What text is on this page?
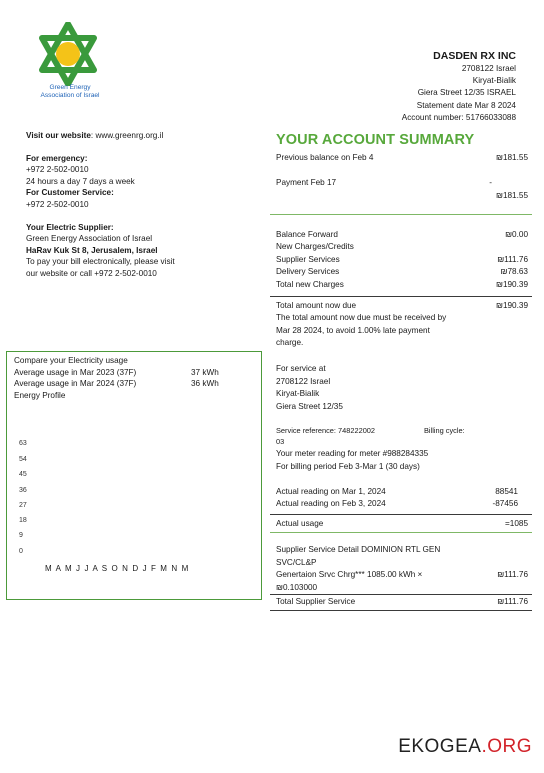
Green Energy
Association of Israel
DASDEN RX INC
2708122 Israel
Kiryat-Bialik
Giera Street 12/35 ISRAEL
Statement date Mar 8 2024
Account number: 51766033088
Visit our website: www.greenrg.org.il
For emergency:
+972 2-502-0010
24 hours a day 7 days a week
For Customer Service:
+972 2-502-0010
Your Electric Supplier:
Green Energy Association of Israel
HaRav Kuk St 8, Jerusalem, Israel
To pay your bill electronically, please visit
our website or call +972 2-502-0010
YOUR ACCOUNT SUMMARY
Previous balance on Feb 4	₪181.55
Payment Feb 17	-
₪181.55
Balance Forward	₪0.00
New Charges/Credits
Supplier Services	₪111.76
Delivery Services	₪78.63
Total new Charges	₪190.39
Total amount now due	₪190.39
The total amount now due must be received by
Mar 28 2024, to avoid 1.00% late payment
charge.
For service at
2708122 Israel
Kiryat-Bialik
Giera Street 12/35
Service reference: 748222002	Billing cycle:
03
Your meter reading for meter #988284335
For billing period Feb 3-Mar 1 (30 days)
Actual reading on Mar 1, 2024	88541
Actual reading on Feb 3, 2024	-87456
Actual usage	=1085
Supplier Service Detail DOMINION RTL GEN
SVC/CL&P
Genertaion Srvc Chrg*** 1085.00 kWh ×
₪0.103000
₪111.76
Total Supplier Service	₪111.76
Compare your Electricity usage
Average usage in Mar 2023 (37F)	37 kWh
Average usage in Mar 2024 (37F)	36 kWh
Energy Profile
63
54
45
36
27
18
9
0
M A M J J A S O N D J F M N M
EKOGEA.ORG
